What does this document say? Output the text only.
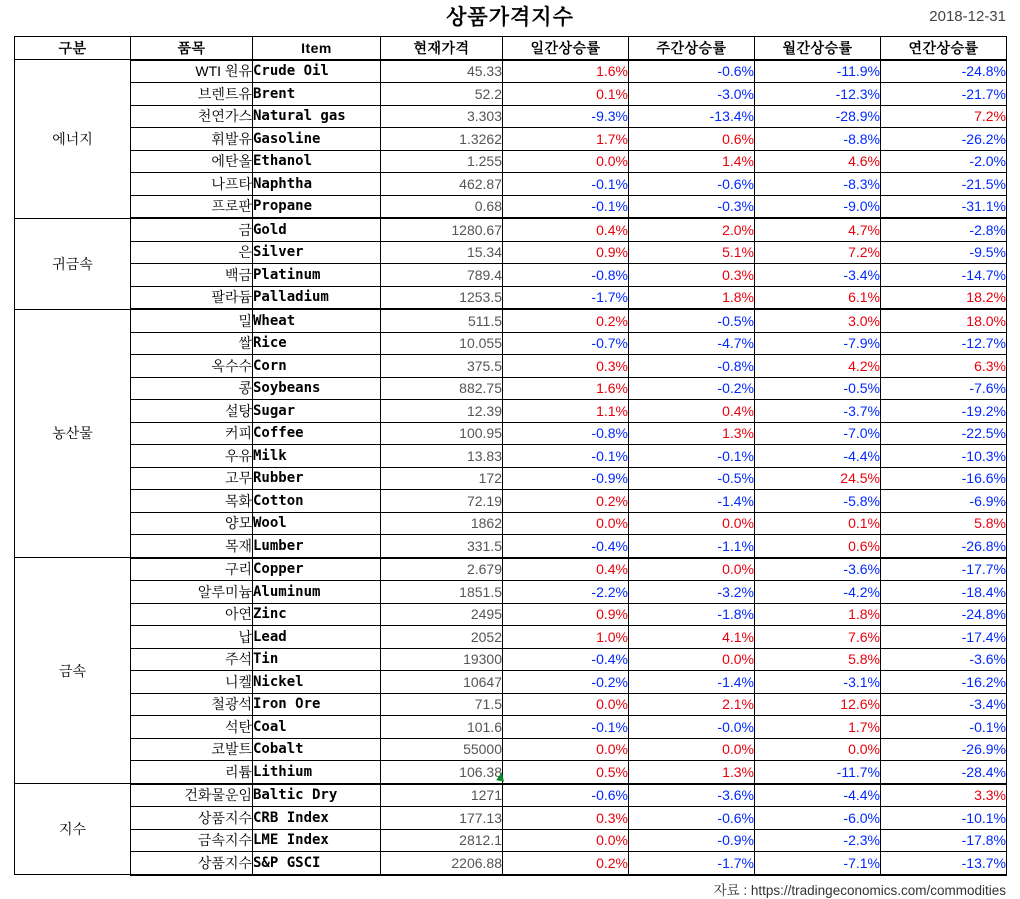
상품가격지수	2018-12-31
구분	품목	Item	현재가격	일간상승률	주간상승률	월간상승률	연간상승률
에너지	WTI 원유	Crude Oil	45.33	1.6%	-0.6%	-11.9%	-24.8%
	브렌트유	Brent	52.2	0.1%	-3.0%	-12.3%	-21.7%
	천연가스	Natural gas	3.303	-9.3%	-13.4%	-28.9%	7.2%
	휘발유	Gasoline	1.3262	1.7%	0.6%	-8.8%	-26.2%
	에탄올	Ethanol	1.255	0.0%	1.4%	4.6%	-2.0%
	나프타	Naphtha	462.87	-0.1%	-0.6%	-8.3%	-21.5%
	프로판	Propane	0.68	-0.1%	-0.3%	-9.0%	-31.1%
귀금속	금	Gold	1280.67	0.4%	2.0%	4.7%	-2.8%
	은	Silver	15.34	0.9%	5.1%	7.2%	-9.5%
	백금	Platinum	789.4	-0.8%	0.3%	-3.4%	-14.7%
	팔라듐	Palladium	1253.5	-1.7%	1.8%	6.1%	18.2%
농산물	밀	Wheat	511.5	0.2%	-0.5%	3.0%	18.0%
	쌀	Rice	10.055	-0.7%	-4.7%	-7.9%	-12.7%
	옥수수	Corn	375.5	0.3%	-0.8%	4.2%	6.3%
	콩	Soybeans	882.75	1.6%	-0.2%	-0.5%	-7.6%
	설탕	Sugar	12.39	1.1%	0.4%	-3.7%	-19.2%
	커피	Coffee	100.95	-0.8%	1.3%	-7.0%	-22.5%
	우유	Milk	13.83	-0.1%	-0.1%	-4.4%	-10.3%
	고무	Rubber	172	-0.9%	-0.5%	24.5%	-16.6%
	목화	Cotton	72.19	0.2%	-1.4%	-5.8%	-6.9%
	양모	Wool	1862	0.0%	0.0%	0.1%	5.8%
	목재	Lumber	331.5	-0.4%	-1.1%	0.6%	-26.8%
금속	구리	Copper	2.679	0.4%	0.0%	-3.6%	-17.7%
	알루미늄	Aluminum	1851.5	-2.2%	-3.2%	-4.2%	-18.4%
	아연	Zinc	2495	0.9%	-1.8%	1.8%	-24.8%
	납	Lead	2052	1.0%	4.1%	7.6%	-17.4%
	주석	Tin	19300	-0.4%	0.0%	5.8%	-3.6%
	니켈	Nickel	10647	-0.2%	-1.4%	-3.1%	-16.2%
	철광석	Iron Ore	71.5	0.0%	2.1%	12.6%	-3.4%
	석탄	Coal	101.6	-0.1%	-0.0%	1.7%	-0.1%
	코발트	Cobalt	55000	0.0%	0.0%	0.0%	-26.9%
	리튬	Lithium	106.38	0.5%	1.3%	-11.7%	-28.4%
지수	건화물운임	Baltic Dry	1271	-0.6%	-3.6%	-4.4%	3.3%
	상품지수	CRB Index	177.13	0.3%	-0.6%	-6.0%	-10.1%
	금속지수	LME Index	2812.1	0.0%	-0.9%	-2.3%	-17.8%
	상품지수	S&P GSCI	2206.88	0.2%	-1.7%	-7.1%	-13.7%
자료 : https://tradingeconomics.com/commodities
